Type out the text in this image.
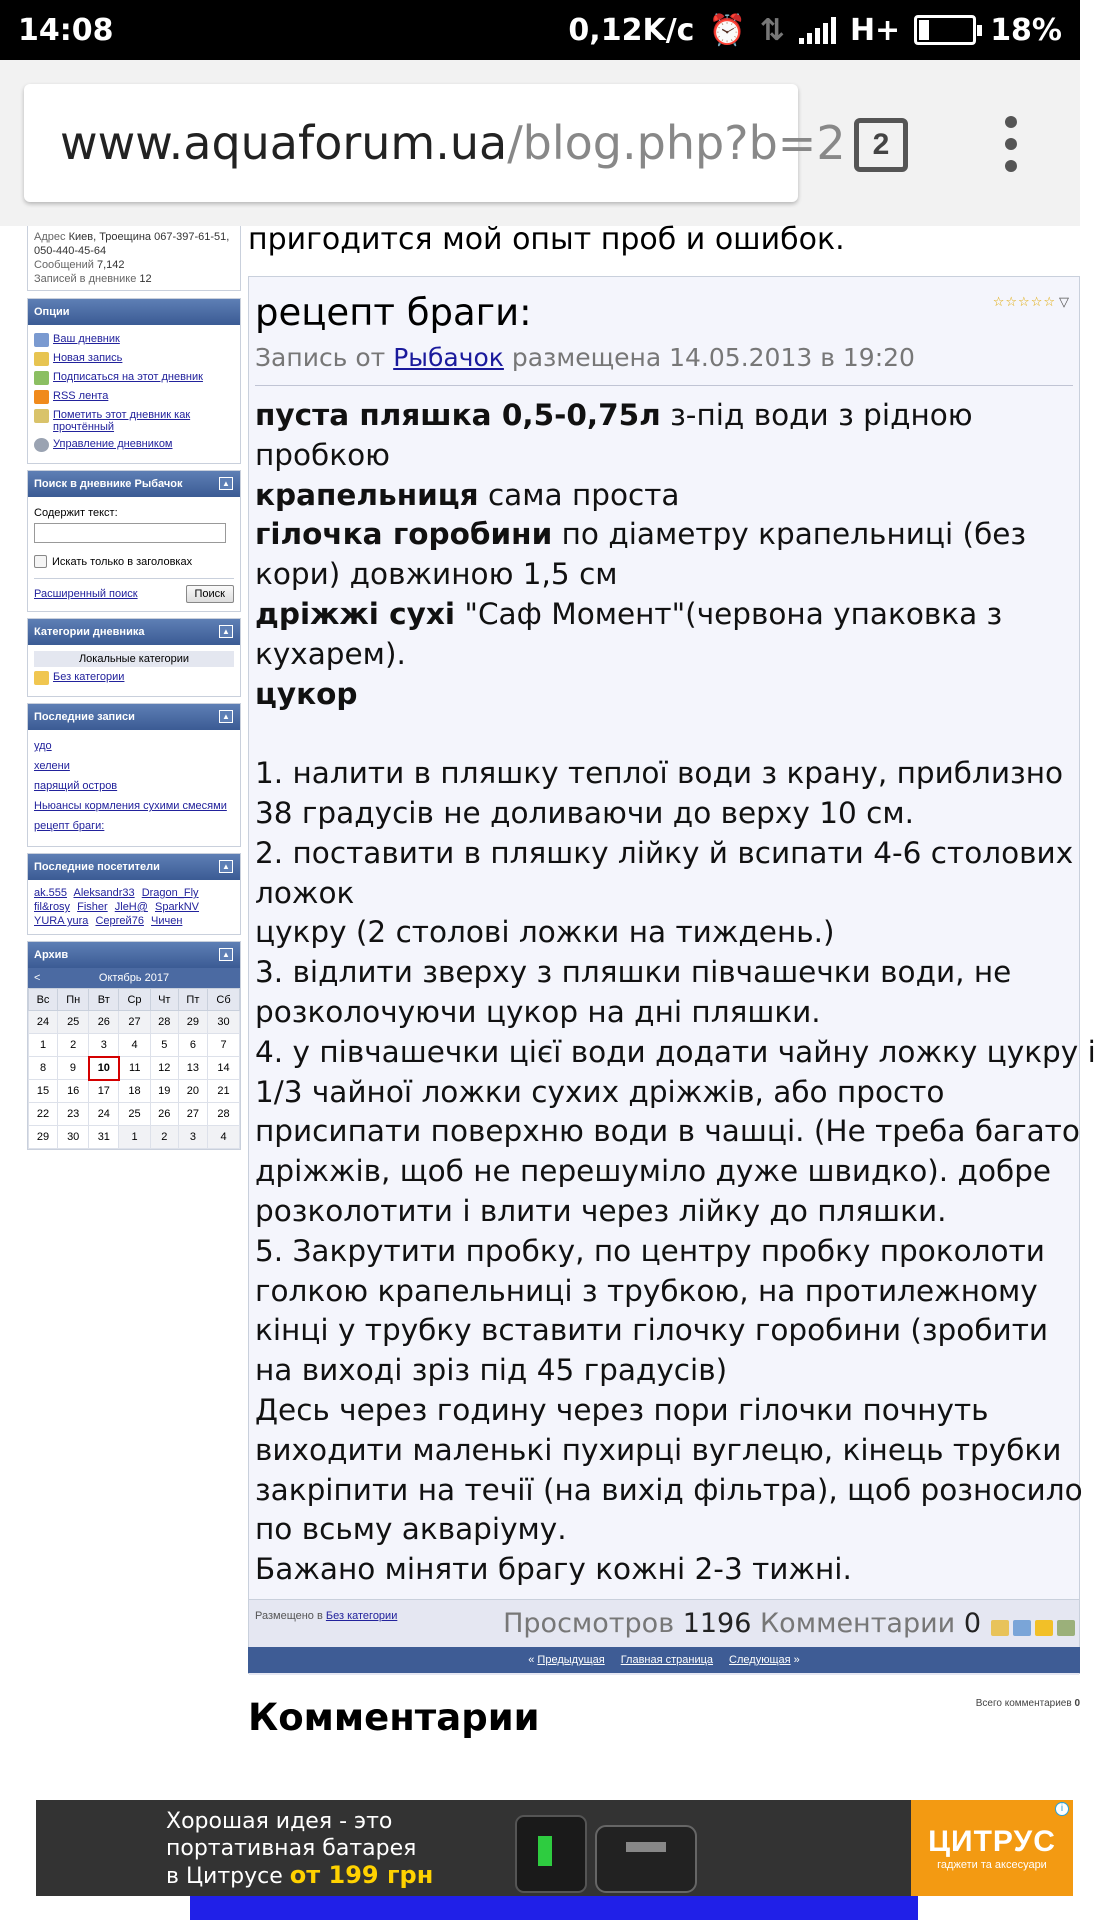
14:08	0,12K/c ⏰ ⇅ H+	18%
www.aquaforum.ua /blog.php?b=2 2
пригодится мой опыт проб и ошибок.
Адрес Киев, Троещина 067-397-61-51, 050-440-45-64
Сообщений 7,142
Записей в дневнике 12
Опции
Ваш дневник
Новая запись
Подписаться на этот дневник
RSS лента
Пометить этот дневник как прочтённый
Управление дневником
Поиск в дневнике Рыбачок	▲
Содержит текст:
Искать только в заголовках
Расширенный поиск	Поиск
Категории дневника	▲
Локальные категории
Без категории
Последние записи	▲
удо
хелени
парящий остров
Ньюансы кормления сухими смесями
рецепт браги:
Последние посетители	▲
ak.555 Aleksandr33 Dragon_Fly fil&rosy Fisher JleH@ SparkNV YURA yura Сергей76 Чичен
Архив	▲
<	Октябрь 2017
Вс	Пн	Вт	Ср	Чт	Пт	Сб
24	25	26	27	28	29	30
1	2	3	4	5	6	7
8	9	10	11	12	13	14
15	16	17	18	19	20	21
22	23	24	25	26	27	28
29	30	31	1	2	3	4
рецепт браги:	☆ ☆ ☆ ☆ ☆ ▽
Запись от Рыбачок размещена 14.05.2013 в 19:20
пуста пляшка 0,5-0,75л з-під води з рідною
пробкою
крапельниця сама проста
гілочка горобини по діаметру крапельниці (без
кори) довжиною 1,5 см
дріжжі сухі "Саф Момент"(червона упаковка з
кухарем).
цукор

1. налити в пляшку теплої води з крану, приблизно
38 градусів не доливаючи до верху 10 см.
2. поставити в пляшку лійку й всипати 4-6 столових
ложок
цукру (2 столові ложки на тиждень.)
3. відлити зверху з пляшки півчашечки води, не
розколочуючи цукор на дні пляшки.
4. у півчашечки цієї води додати чайну ложку цукру і
1/3 чайної ложки сухих дріжжів, або просто
присипати поверхню води в чашці. (Не треба багато
дріжжів, щоб не перешуміло дуже швидко). добре
розколотити і влити через лійку до пляшки.
5. Закрутити пробку, по центру пробку проколоти
голкою крапельниці з трубкою, на протилежному
кінці у трубку вставити гілочку горобини (зробити
на виході зріз під 45 градусів)
Десь через годину через пори гілочки почнуть
виходити маленькі пухирці вуглецю, кінець трубки
закріпити на течії (на вихід фільтра), щоб розносило
по всьму акваріуму.
Бажано міняти брагу кожні 2-3 тижні.
Размещено в Без категории	Просмотров 1196 Комментарии 0
« Предыдущая Главная страница Следующая »
Всего комментариев 0
Комментарии
Хорошая идея - это
портативная батарея
в Цитрусе от 199 грн
ЦИТРУС
гаджети та аксесуари
i
